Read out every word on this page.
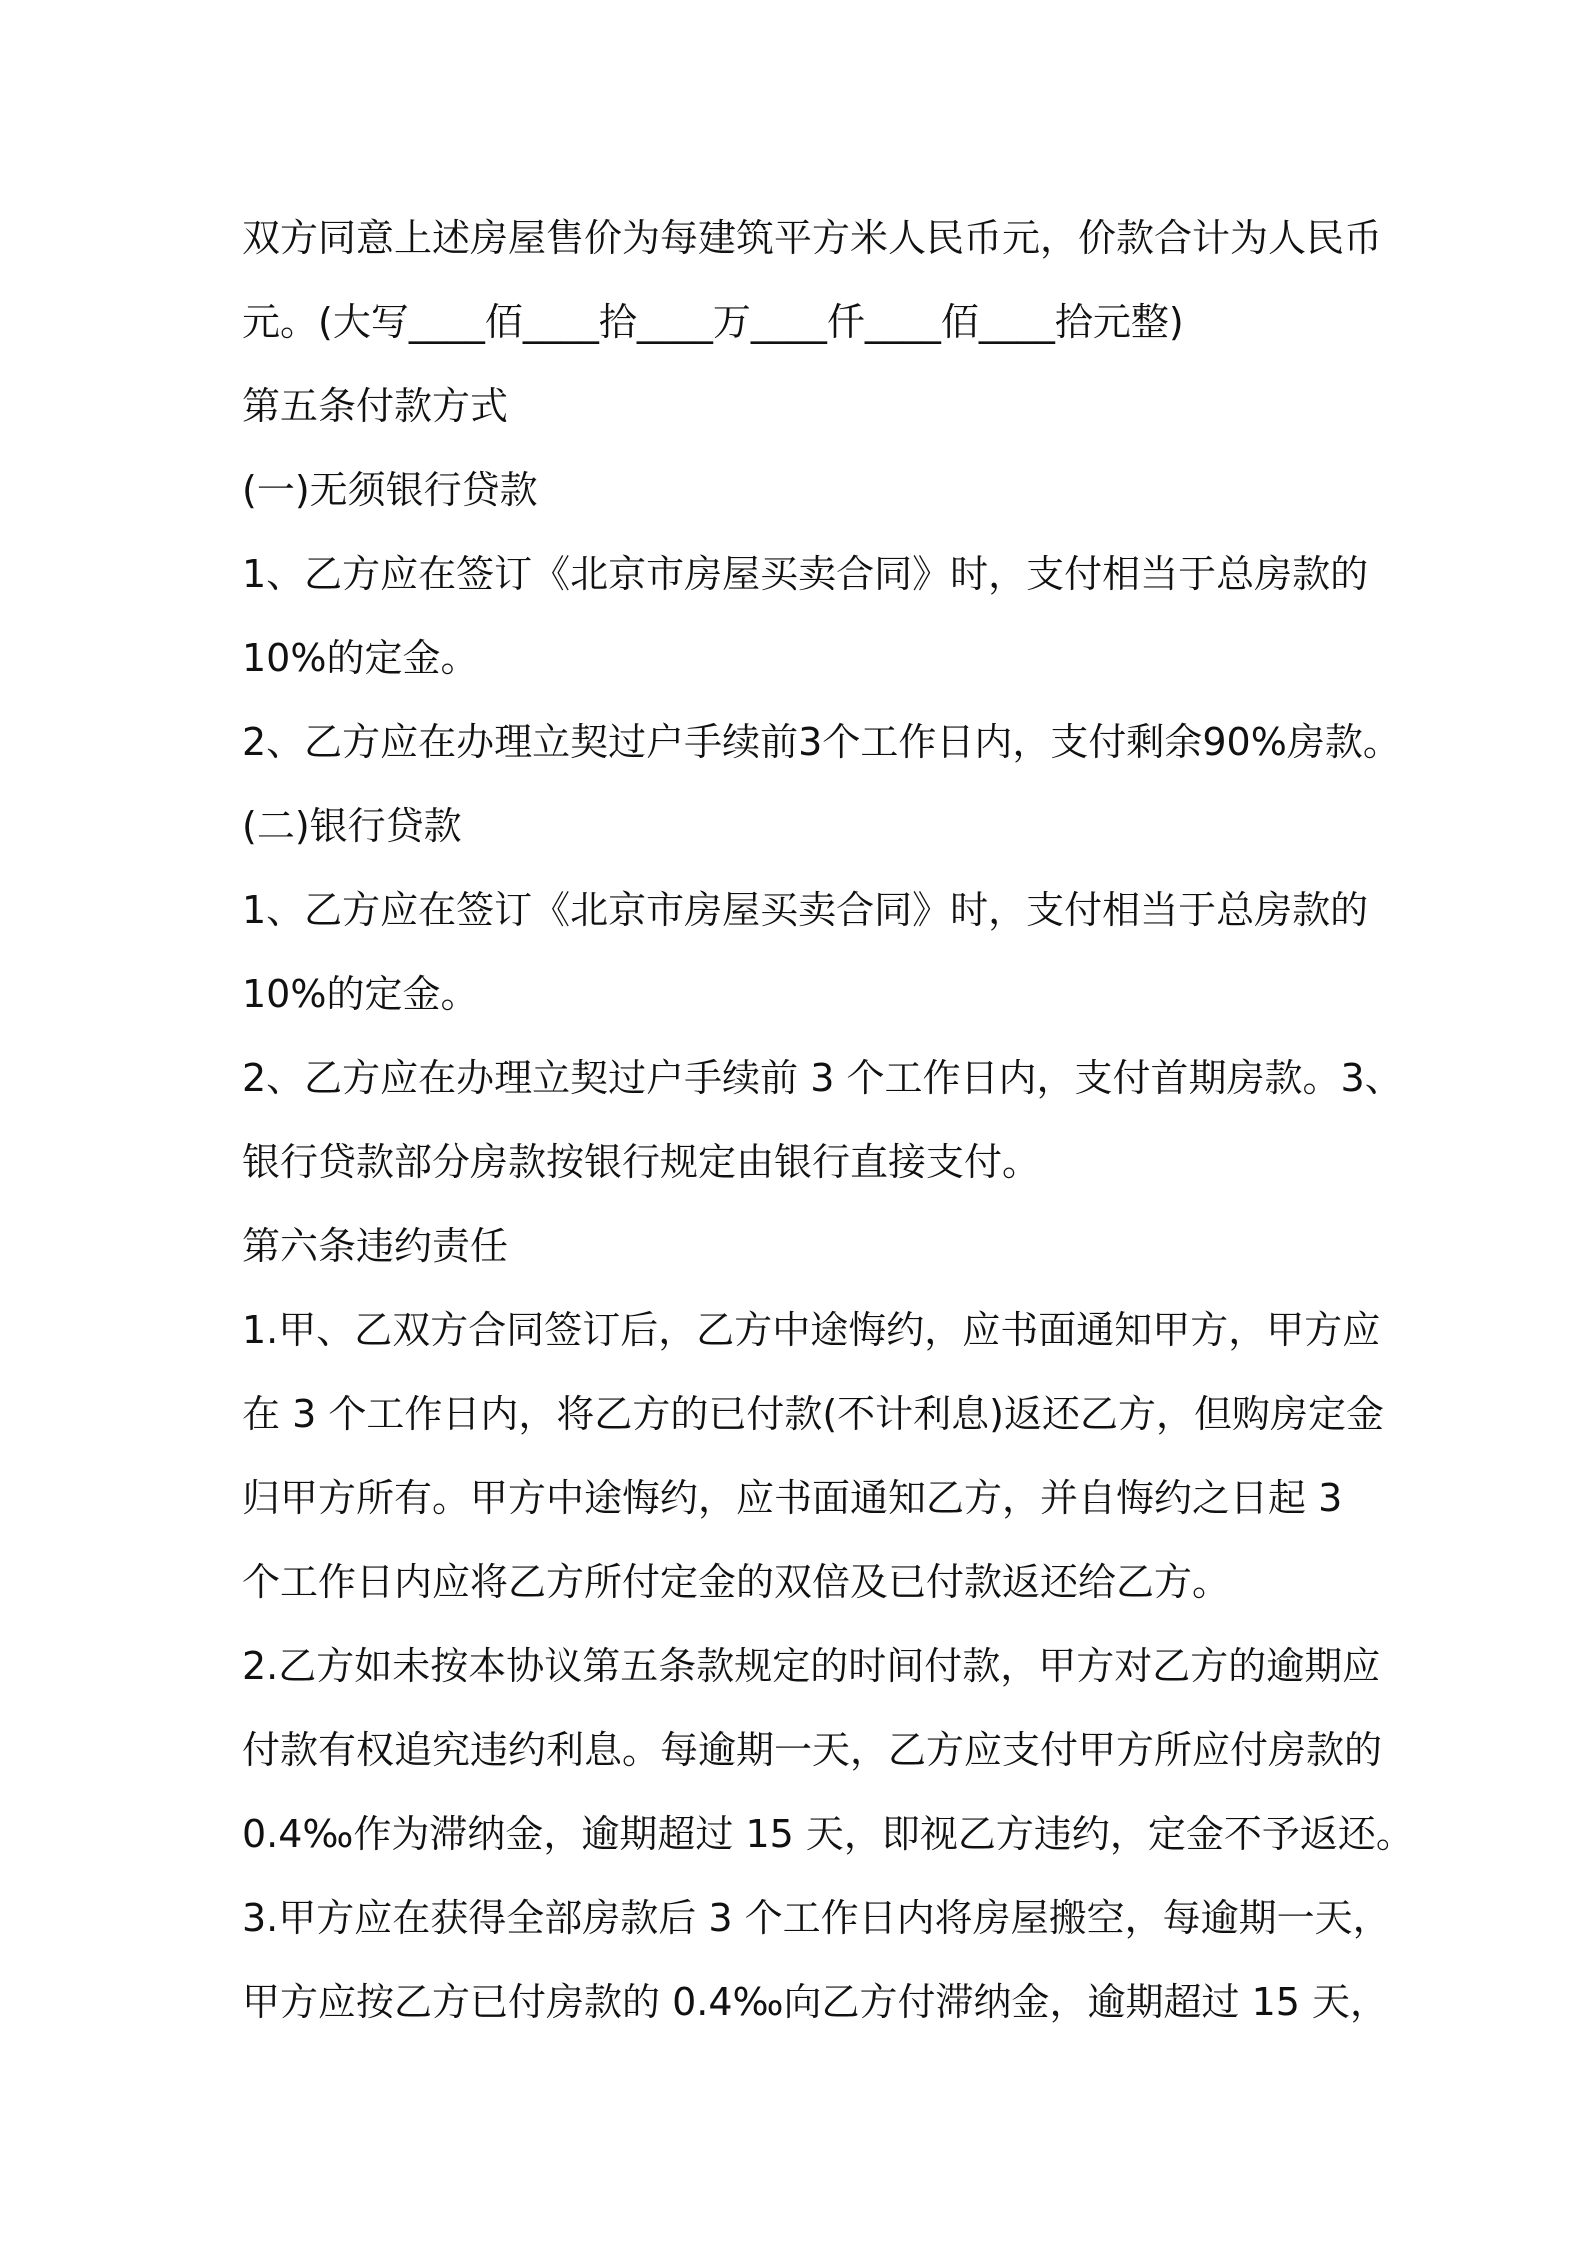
双方同意上述房屋售价为每建筑平方米人民币元，价款合计为人民币

元。(大写____佰____拾____万____仟____佰____拾元整)

第五条付款方式

(一)无须银行贷款

1、乙方应在签订《北京市房屋买卖合同》时，支付相当于总房款的

10%的定金。

2、乙方应在办理立契过户手续前3个工作日内，支付剩余90%房款。

(二)银行贷款

1、乙方应在签订《北京市房屋买卖合同》时，支付相当于总房款的

10%的定金。

2、乙方应在办理立契过户手续前 3 个工作日内，支付首期房款。3、

银行贷款部分房款按银行规定由银行直接支付。

第六条违约责任

1.甲、乙双方合同签订后，乙方中途悔约，应书面通知甲方，甲方应

在 3 个工作日内，将乙方的已付款(不计利息)返还乙方，但购房定金

归甲方所有。甲方中途悔约，应书面通知乙方，并自悔约之日起 3

个工作日内应将乙方所付定金的双倍及已付款返还给乙方。

2.乙方如未按本协议第五条款规定的时间付款，甲方对乙方的逾期应

付款有权追究违约利息。每逾期一天，乙方应支付甲方所应付房款的

0.4‰作为滞纳金，逾期超过 15 天，即视乙方违约，定金不予返还。

3.甲方应在获得全部房款后 3 个工作日内将房屋搬空，每逾期一天，

甲方应按乙方已付房款的 0.4‰向乙方付滞纳金，逾期超过 15 天，
